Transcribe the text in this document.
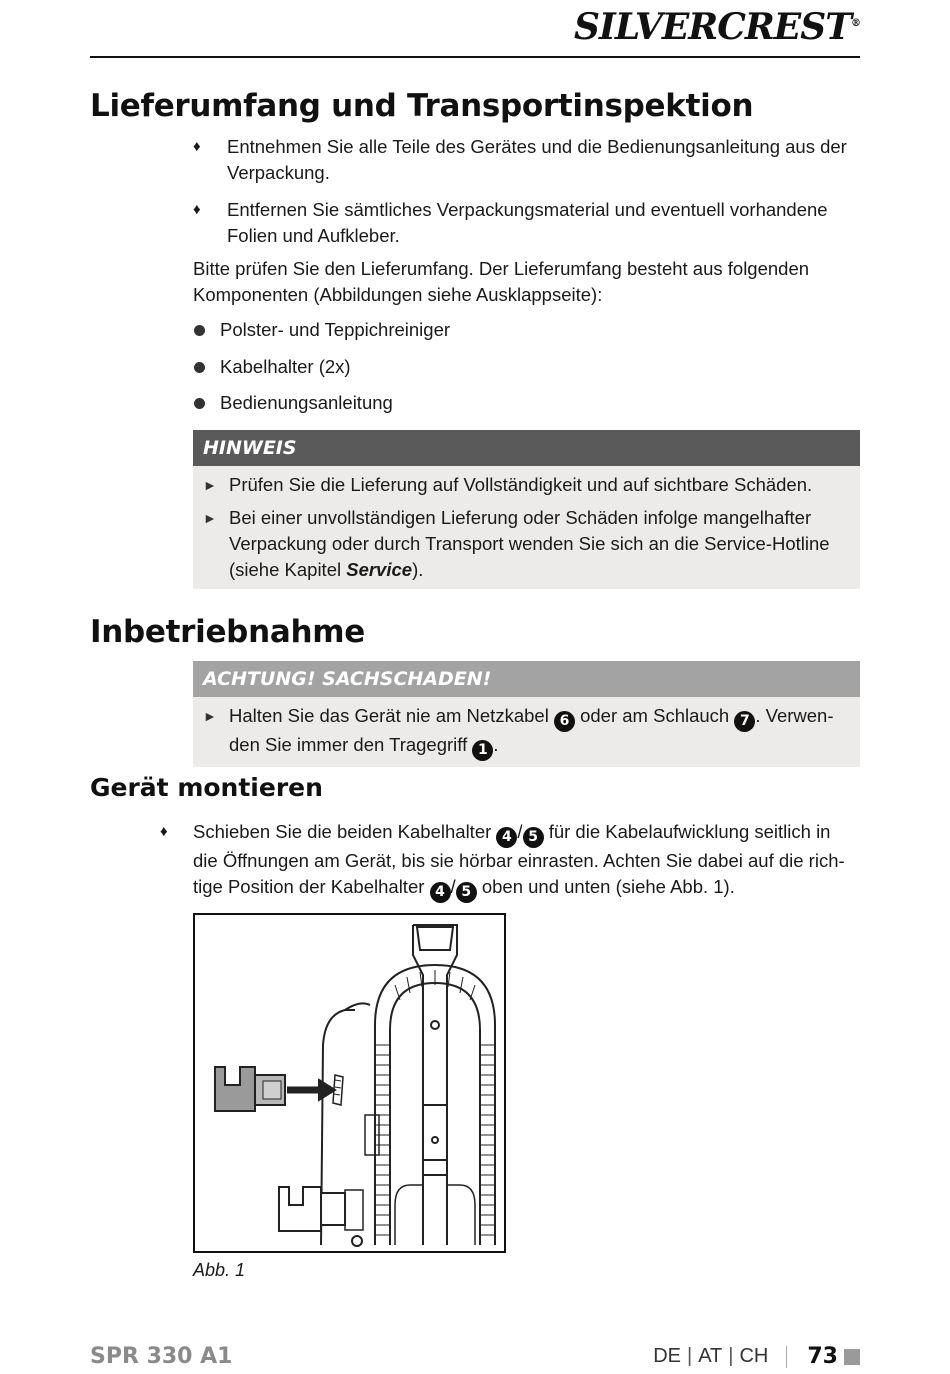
SILVERCREST®
Lieferumfang und Transportinspektion
♦ Entnehmen Sie alle Teile des Gerätes und die Bedienungsanleitung aus der Verpackung.
♦ Entfernen Sie sämtliches Verpackungsmaterial und eventuell vorhandene Folien und Aufkleber.
Bitte prüfen Sie den Lieferumfang. Der Lieferumfang besteht aus folgenden Komponenten (Abbildungen siehe Ausklappseite):
Polster- und Teppichreiniger
Kabelhalter (2x)
Bedienungsanleitung
HINWEIS
► Prüfen Sie die Lieferung auf Vollständigkeit und auf sichtbare Schäden.
► Bei einer unvollständigen Lieferung oder Schäden infolge mangelhafter Verpackung oder durch Transport wenden Sie sich an die Service-Hotline (siehe Kapitel Service).
Inbetriebnahme
ACHTUNG! SACHSCHADEN!
► Halten Sie das Gerät nie am Netzkabel 6 oder am Schlauch 7 . Verwen-
den Sie immer den Tragegriff 1 .
Gerät montieren
♦ Schieben Sie die beiden Kabelhalter 4 / 5 für die Kabelaufwicklung seitlich in
die Öffnungen am Gerät, bis sie hörbar einrasten. Achten Sie dabei auf die rich-
tige Position der Kabelhalter 4 / 5 oben und unten (siehe Abb. 1).
Abb. 1
SPR 330 A1	DE | AT | CH 73
